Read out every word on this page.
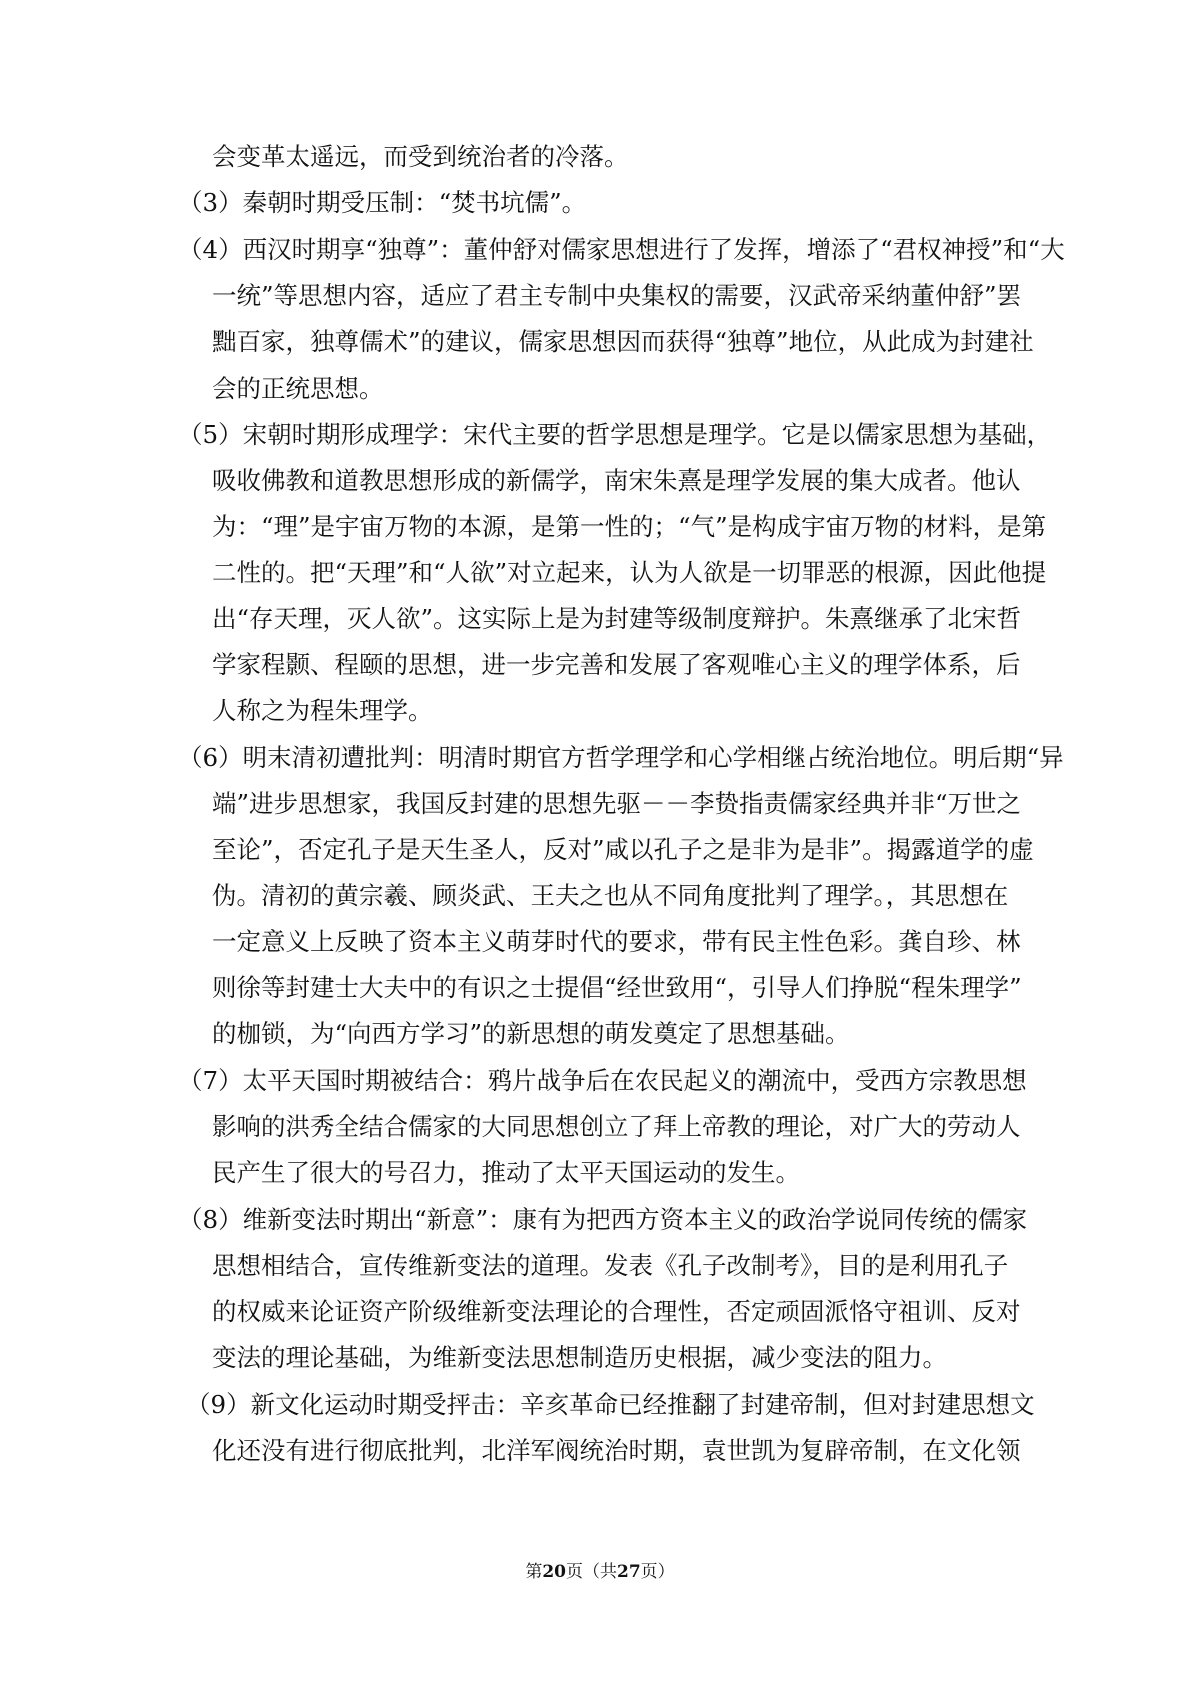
会变革太遥远，而受到统治者的冷落。
（3）秦朝时期受压制：“焚书坑儒”。
（4）西汉时期享“独尊”：董仲舒对儒家思想进行了发挥，增添了“君权神授”和“大
一统”等思想内容，适应了君主专制中央集权的需要，汉武帝采纳董仲舒”罢
黜百家，独尊儒术”的建议，儒家思想因而获得“独尊”地位，从此成为封建社
会的正统思想。
（5）宋朝时期形成理学：宋代主要的哲学思想是理学。它是以儒家思想为基础，
吸收佛教和道教思想形成的新儒学，南宋朱熹是理学发展的集大成者。他认
为：“理”是宇宙万物的本源，是第一性的；“气”是构成宇宙万物的材料，是第
二性的。把“天理”和“人欲”对立起来，认为人欲是一切罪恶的根源，因此他提
出“存天理，灭人欲”。这实际上是为封建等级制度辩护。朱熹继承了北宋哲
学家程颢、程颐的思想，进一步完善和发展了客观唯心主义的理学体系，后
人称之为程朱理学。
（6）明末清初遭批判：明清时期官方哲学理学和心学相继占统治地位。明后期“异
端”进步思想家，我国反封建的思想先驱－－李贽指责儒家经典并非“万世之
至论”，否定孔子是天生圣人，反对”咸以孔子之是非为是非”。揭露道学的虚
伪。清初的黄宗羲、顾炎武、王夫之也从不同角度批判了理学。，其思想在
一定意义上反映了资本主义萌芽时代的要求，带有民主性色彩。龚自珍、林
则徐等封建士大夫中的有识之士提倡“经世致用“，引导人们挣脱“程朱理学”
的枷锁，为“向西方学习”的新思想的萌发奠定了思想基础。
（7）太平天国时期被结合：鸦片战争后在农民起义的潮流中，受西方宗教思想
影响的洪秀全结合儒家的大同思想创立了拜上帝教的理论，对广大的劳动人
民产生了很大的号召力，推动了太平天国运动的发生。
（8）维新变法时期出“新意”：康有为把西方资本主义的政治学说同传统的儒家
思想相结合，宣传维新变法的道理。发表《孔子改制考》，目的是利用孔子
的权威来论证资产阶级维新变法理论的合理性，否定顽固派恪守祖训、反对
变法的理论基础，为维新变法思想制造历史根据，减少变法的阻力。
（9）新文化运动时期受抨击：辛亥革命已经推翻了封建帝制，但对封建思想文
化还没有进行彻底批判，北洋军阀统治时期，袁世凯为复辟帝制，在文化领
第20页（共27页）
